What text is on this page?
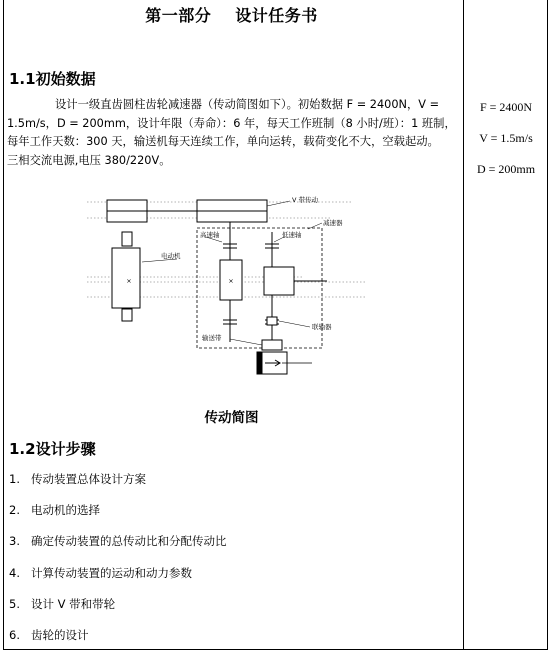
第一部分 设计任务书
1.1初始数据

设计一级直齿圆柱齿轮减速器（传动简图如下）。初始数据 F = 2400N，V =

1.5m/s，D = 200mm，设计年限（寿命）：6 年，每天工作班制（8 小时/班）：1 班制，

每年工作天数：300 天，输送机每天连续工作，单向运转，载荷变化不大，空载起动。

三相交流电源,电压 380/220V。

F = 2400N
V = 1.5m/s
D = 200mm
×	×
V 带传动
减速器
高速轴	低速轴
电动机
联轴器
输送带
传动简图
1.2设计步骤
1. 传动装置总体设计方案
2. 电动机的选择
3. 确定传动装置的总传动比和分配传动比
4. 计算传动装置的运动和动力参数
5. 设计 V 带和带轮
6. 齿轮的设计
